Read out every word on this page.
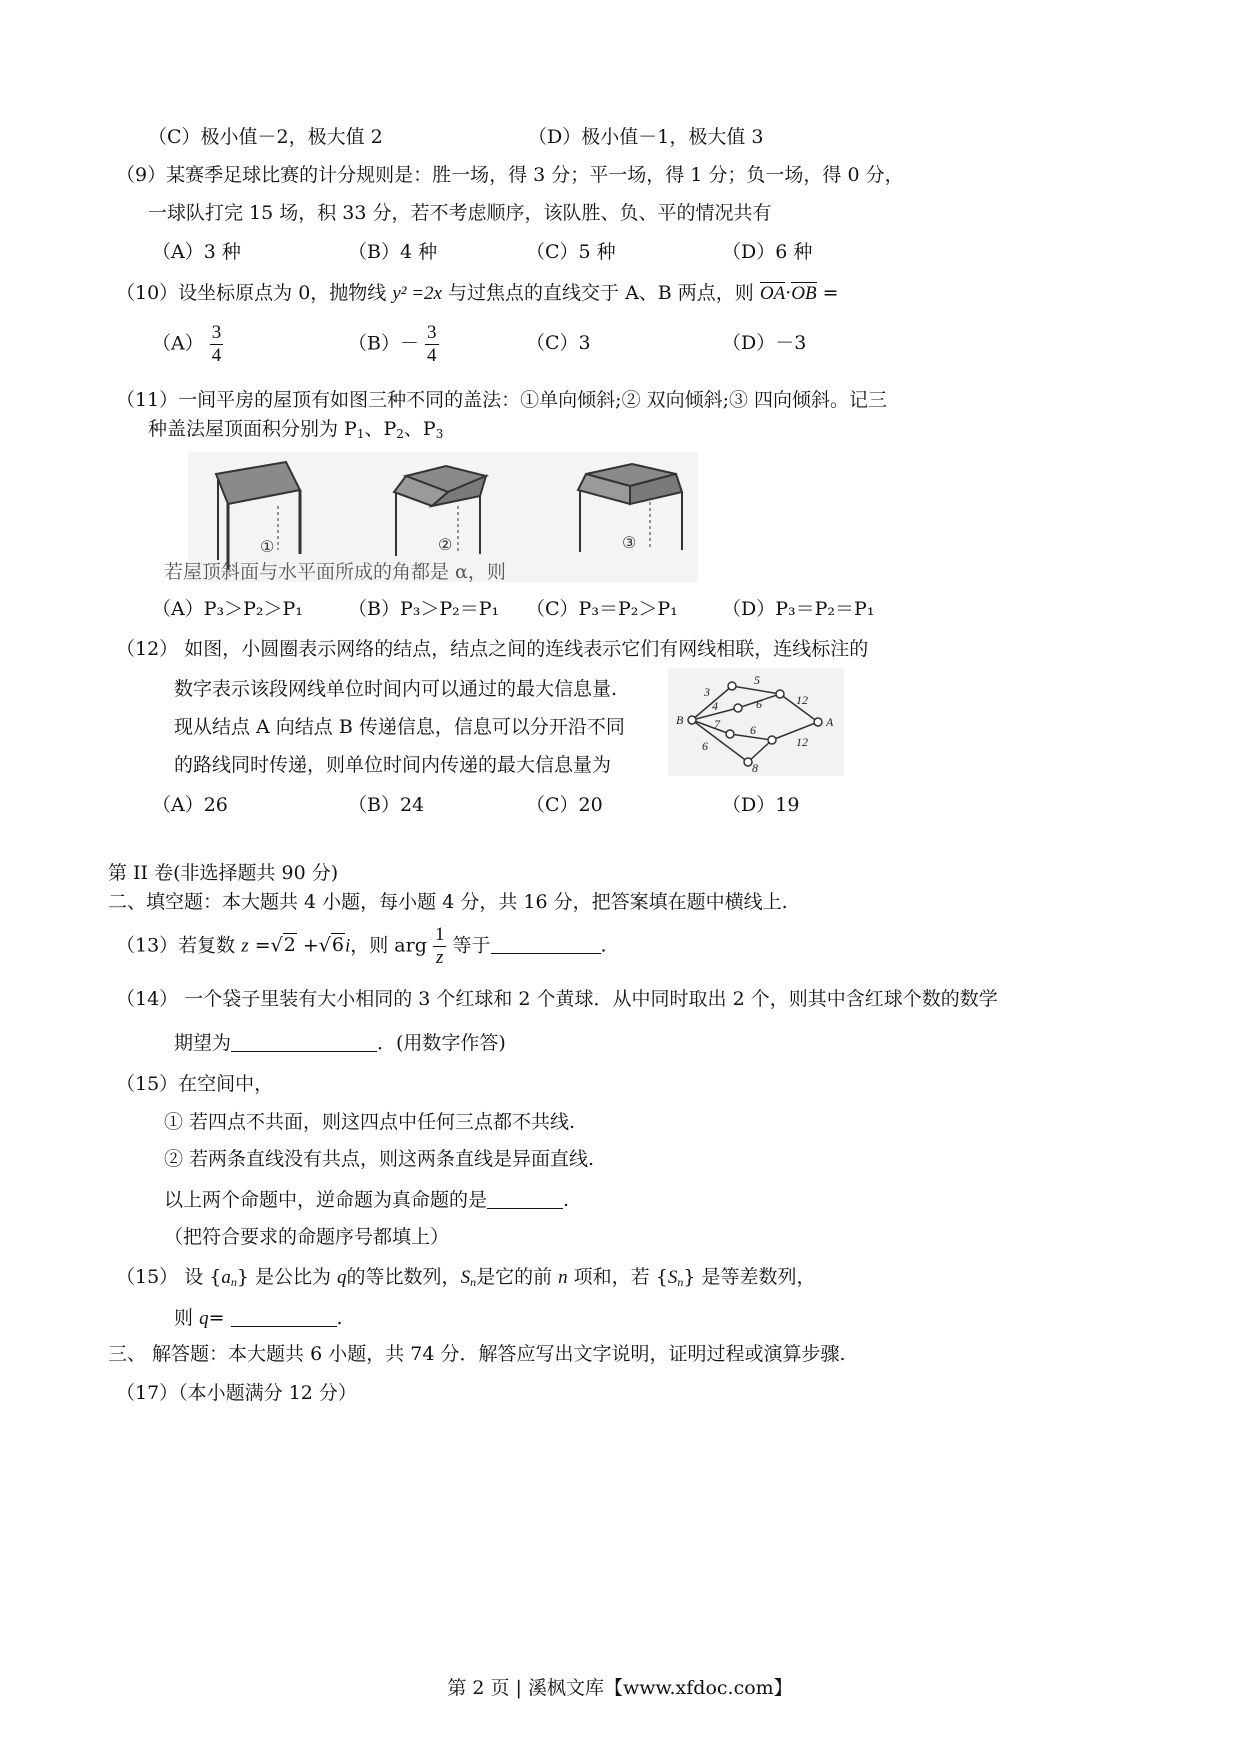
（C）极小值－2，极大值 2	（D）极小值－1，极大值 3
（9）某赛季足球比赛的计分规则是：胜一场，得 3 分；平一场，得 1 分；负一场，得 0 分，
一球队打完 15 场，积 33 分，若不考虑顺序，该队胜、负、平的情况共有
（A）3 种	（B）4 种	（C）5 种	（D）6 种
（10）设坐标原点为 0，抛物线 y² =2x 与过焦点的直线交于 A、B 两点，则 OA·OB =
$(A) \frac{3}{4}$	$(B)- \frac{3}{4}$	（C）3	（D）－3
（11）一间平房的屋顶有如图三种不同的盖法：①单向倾斜;② 双向倾斜;③ 四向倾斜。记三
种盖法屋顶面积分别为 $P_1$、$P_2$、$P_3$
①	②	③
若屋顶斜面与水平面所成的角都是 α，则
（A）P₃＞P₂＞P₁ （B）P₃＞P₂＝P₁ （C）P₃＝P₂＞P₁ （D）P₃＝P₂＝P₁
（12） 如图，小圆圈表示网络的结点，结点之间的连线表示它们有网线相联，连线标注的
数字表示该段网线单位时间内可以通过的最大信息量.
现从结点 A 向结点 B 传递信息，信息可以分开沿不同
的路线同时传递，则单位时间内传递的最大信息量为
B	A
3
5
4	6	12
7	6
6
8
12
（A）26	（B）24	（C）20	（D）19
第 II 卷(非选择题共 90 分)
二、填空题：本大题共 4 小题，每小题 4 分，共 16 分，把答案填在题中横线上.
（13）若复数 z =√2 +√6i，则 arg $\frac{1}{z}$ 等于	.
（14） 一个袋子里装有大小相同的 3 个红球和 2 个黄球．从中同时取出 2 个，则其中含红球个数的数学
期望为	．(用数字作答)
（15）在空间中，
① 若四点不共面，则这四点中任何三点都不共线.
② 若两条直线没有共点，则这两条直线是异面直线.
以上两个命题中，逆命题为真命题的是	.
（把符合要求的命题序号都填上）
（15） 设 $\{a_n\}$ 是公比为 q的等比数列，$S_n$是它的前 n 项和，若 $\{S_n\}$ 是等差数列，
则 q=	.
三、 解答题：本大题共 6 小题，共 74 分．解答应写出文字说明，证明过程或演算步骤.
（17）（本小题满分 12 分）
第 2 页 | 溪枫文库【www.xfdoc.com】
